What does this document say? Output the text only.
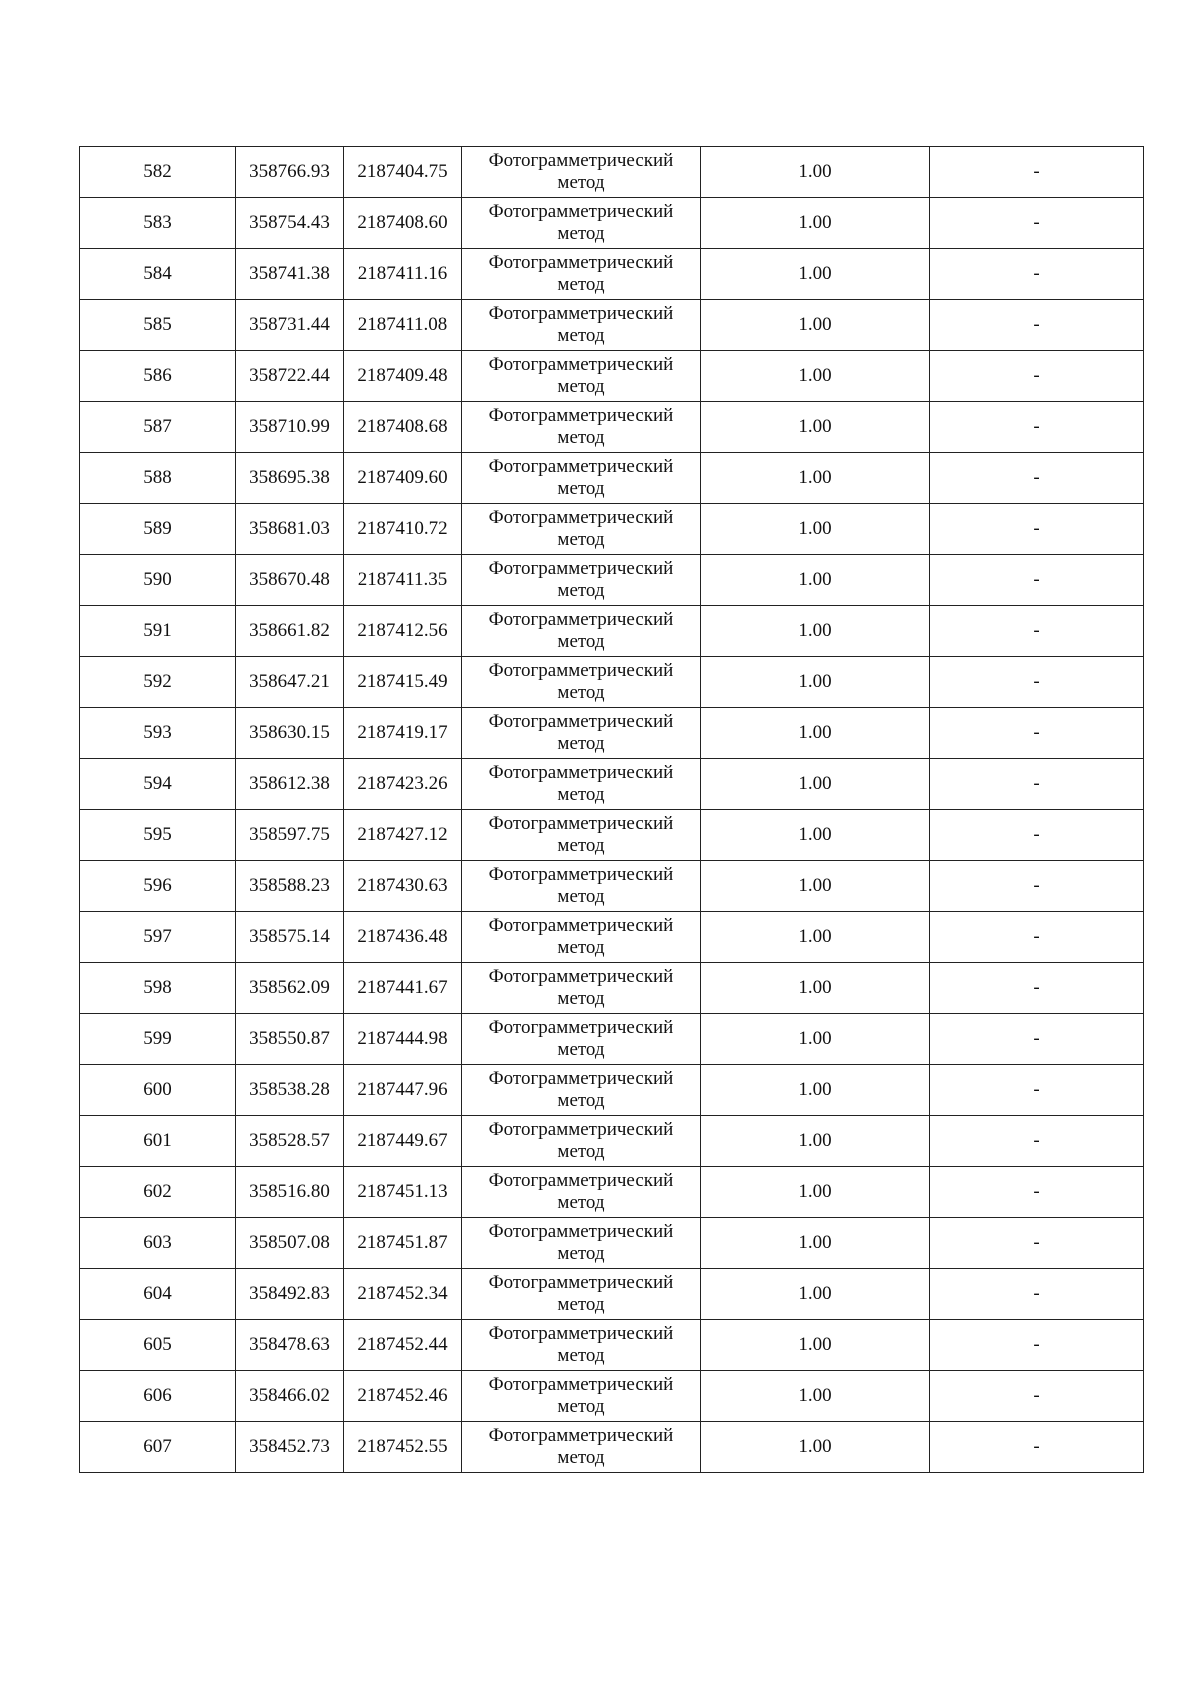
582	358766.93	2187404.75	Фотограмметрический метод	1.00	-
583	358754.43	2187408.60	Фотограмметрический метод	1.00	-
584	358741.38	2187411.16	Фотограмметрический метод	1.00	-
585	358731.44	2187411.08	Фотограмметрический метод	1.00	-
586	358722.44	2187409.48	Фотограмметрический метод	1.00	-
587	358710.99	2187408.68	Фотограмметрический метод	1.00	-
588	358695.38	2187409.60	Фотограмметрический метод	1.00	-
589	358681.03	2187410.72	Фотограмметрический метод	1.00	-
590	358670.48	2187411.35	Фотограмметрический метод	1.00	-
591	358661.82	2187412.56	Фотограмметрический метод	1.00	-
592	358647.21	2187415.49	Фотограмметрический метод	1.00	-
593	358630.15	2187419.17	Фотограмметрический метод	1.00	-
594	358612.38	2187423.26	Фотограмметрический метод	1.00	-
595	358597.75	2187427.12	Фотограмметрический метод	1.00	-
596	358588.23	2187430.63	Фотограмметрический метод	1.00	-
597	358575.14	2187436.48	Фотограмметрический метод	1.00	-
598	358562.09	2187441.67	Фотограмметрический метод	1.00	-
599	358550.87	2187444.98	Фотограмметрический метод	1.00	-
600	358538.28	2187447.96	Фотограмметрический метод	1.00	-
601	358528.57	2187449.67	Фотограмметрический метод	1.00	-
602	358516.80	2187451.13	Фотограмметрический метод	1.00	-
603	358507.08	2187451.87	Фотограмметрический метод	1.00	-
604	358492.83	2187452.34	Фотограмметрический метод	1.00	-
605	358478.63	2187452.44	Фотограмметрический метод	1.00	-
606	358466.02	2187452.46	Фотограмметрический метод	1.00	-
607	358452.73	2187452.55	Фотограмметрический метод	1.00	-
